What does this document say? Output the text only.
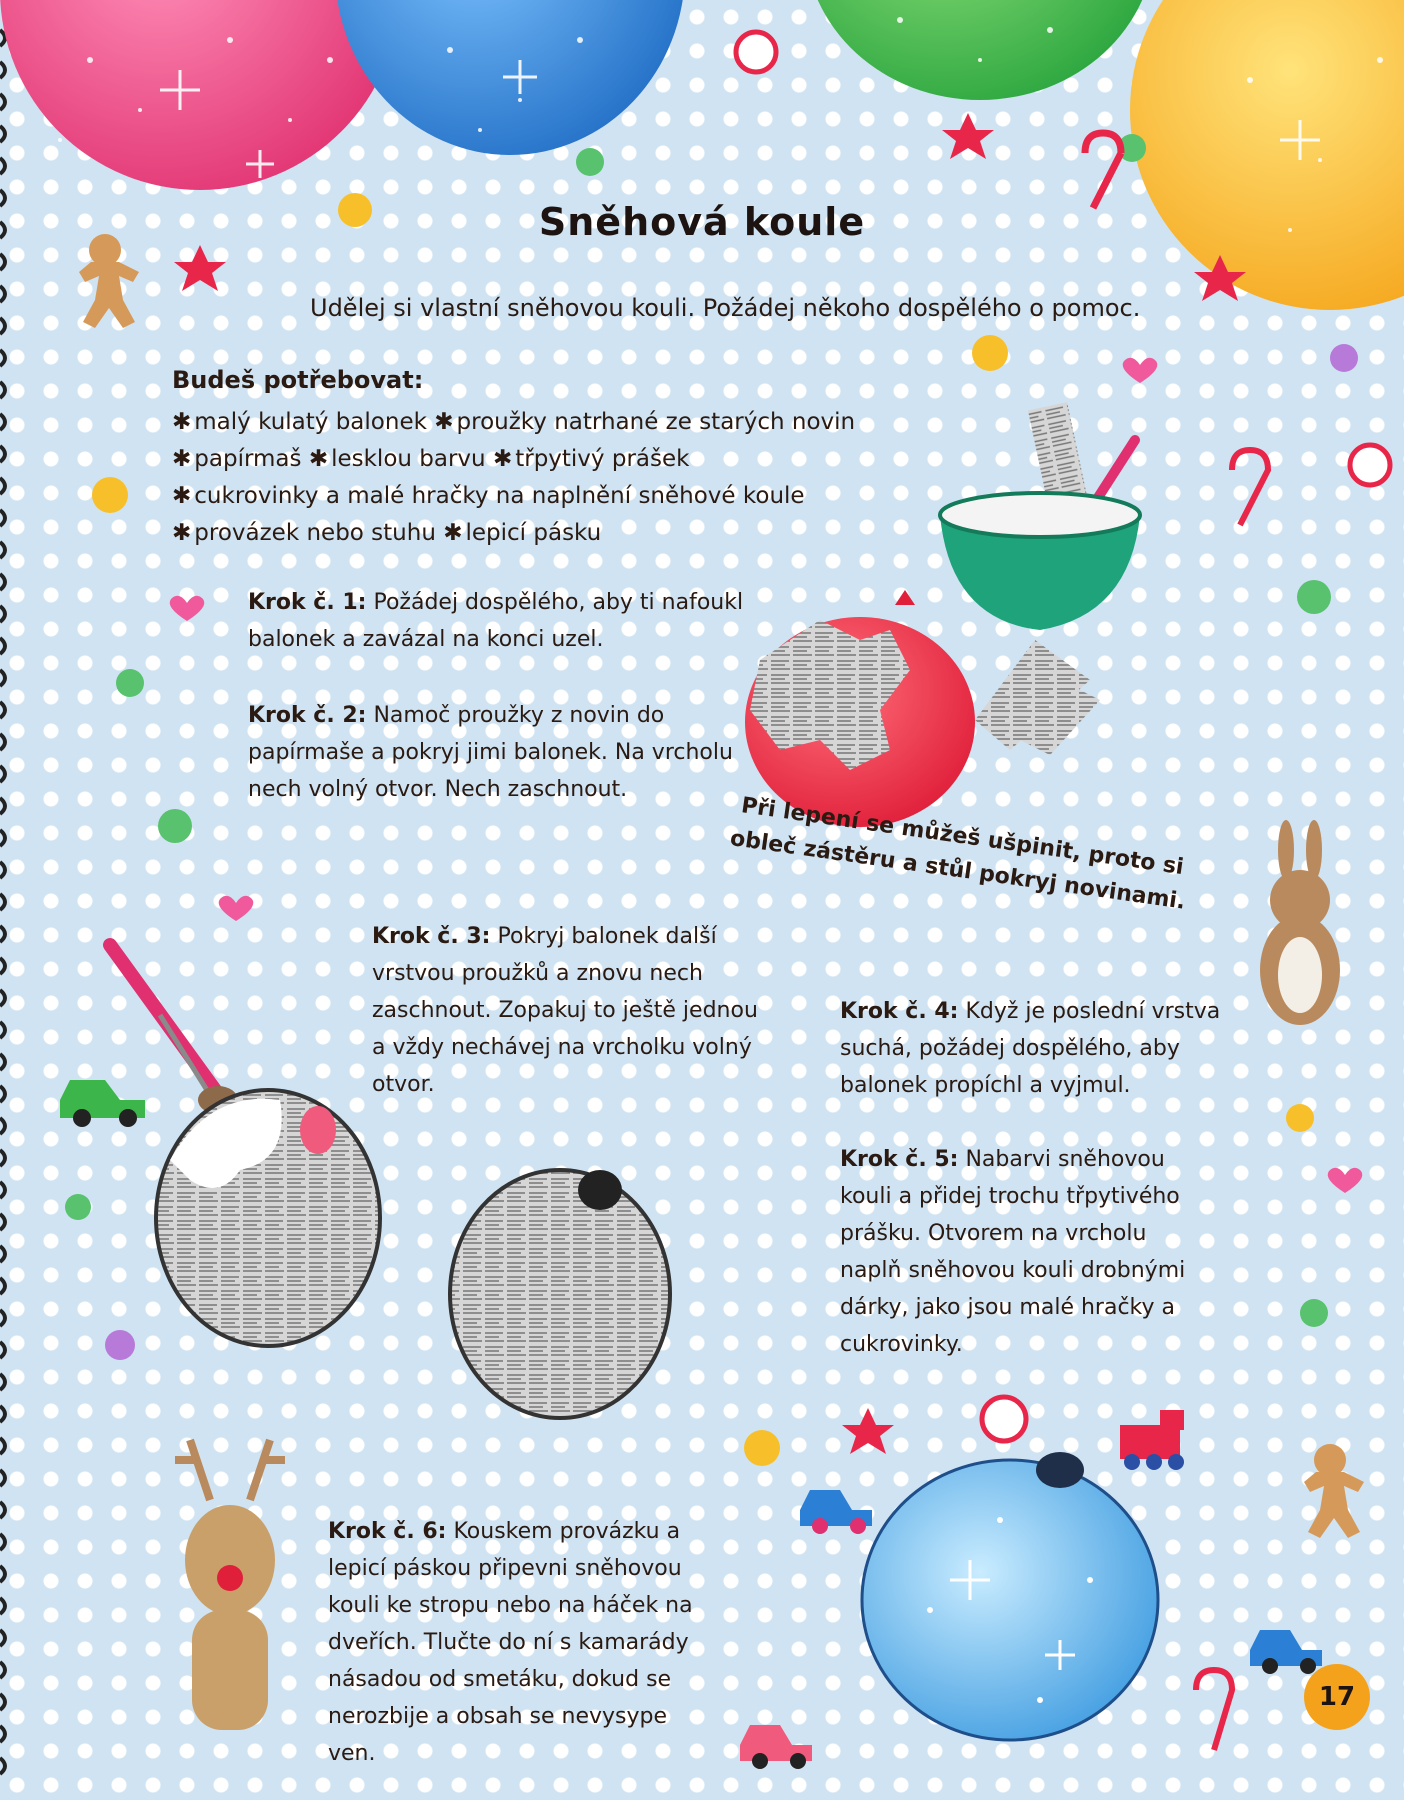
Sněhová koule
Udělej si vlastní sněhovou kouli. Požádej někoho dospělého o pomoc.
Budeš potřebovat:
✱ malý kulatý balonek ✱ proužky natrhané ze starých novin
✱ papírmaš ✱ lesklou barvu ✱ třpytivý prášek
✱ cukrovinky a malé hračky na naplnění sněhové koule
✱ provázek nebo stuhu ✱ lepicí pásku
Krok č. 1: Požádej dospělého, aby ti nafoukl balonek a zavázal na konci uzel.
Krok č. 2: Namoč proužky z novin do papírmaše a pokryj jimi balonek. Na vrcholu nech volný otvor. Nech zaschnout.
Krok č. 3: Pokryj balonek další vrstvou proužků a znovu nech zaschnout. Zopakuj to ještě jednou a vždy nechávej na vrcholku volný otvor.
Krok č. 4: Když je poslední vrstva suchá, požádej dospělého, aby balonek propíchl a vyjmul.
Krok č. 5: Nabarvi sněhovou kouli a přidej trochu třpytivého prášku. Otvorem na vrcholu naplň sněhovou kouli drobnými dárky, jako jsou malé hračky a cukrovinky.
Krok č. 6: Kouskem provázku a lepicí páskou připevni sněhovou kouli ke stropu nebo na háček na dveřích. Tlučte do ní s kamarády násadou od smetáku, dokud se nerozbije a obsah se nevysype ven.
Při lepení se můžeš ušpinit, proto si obleč zástěru a stůl pokryj novinami.
17
